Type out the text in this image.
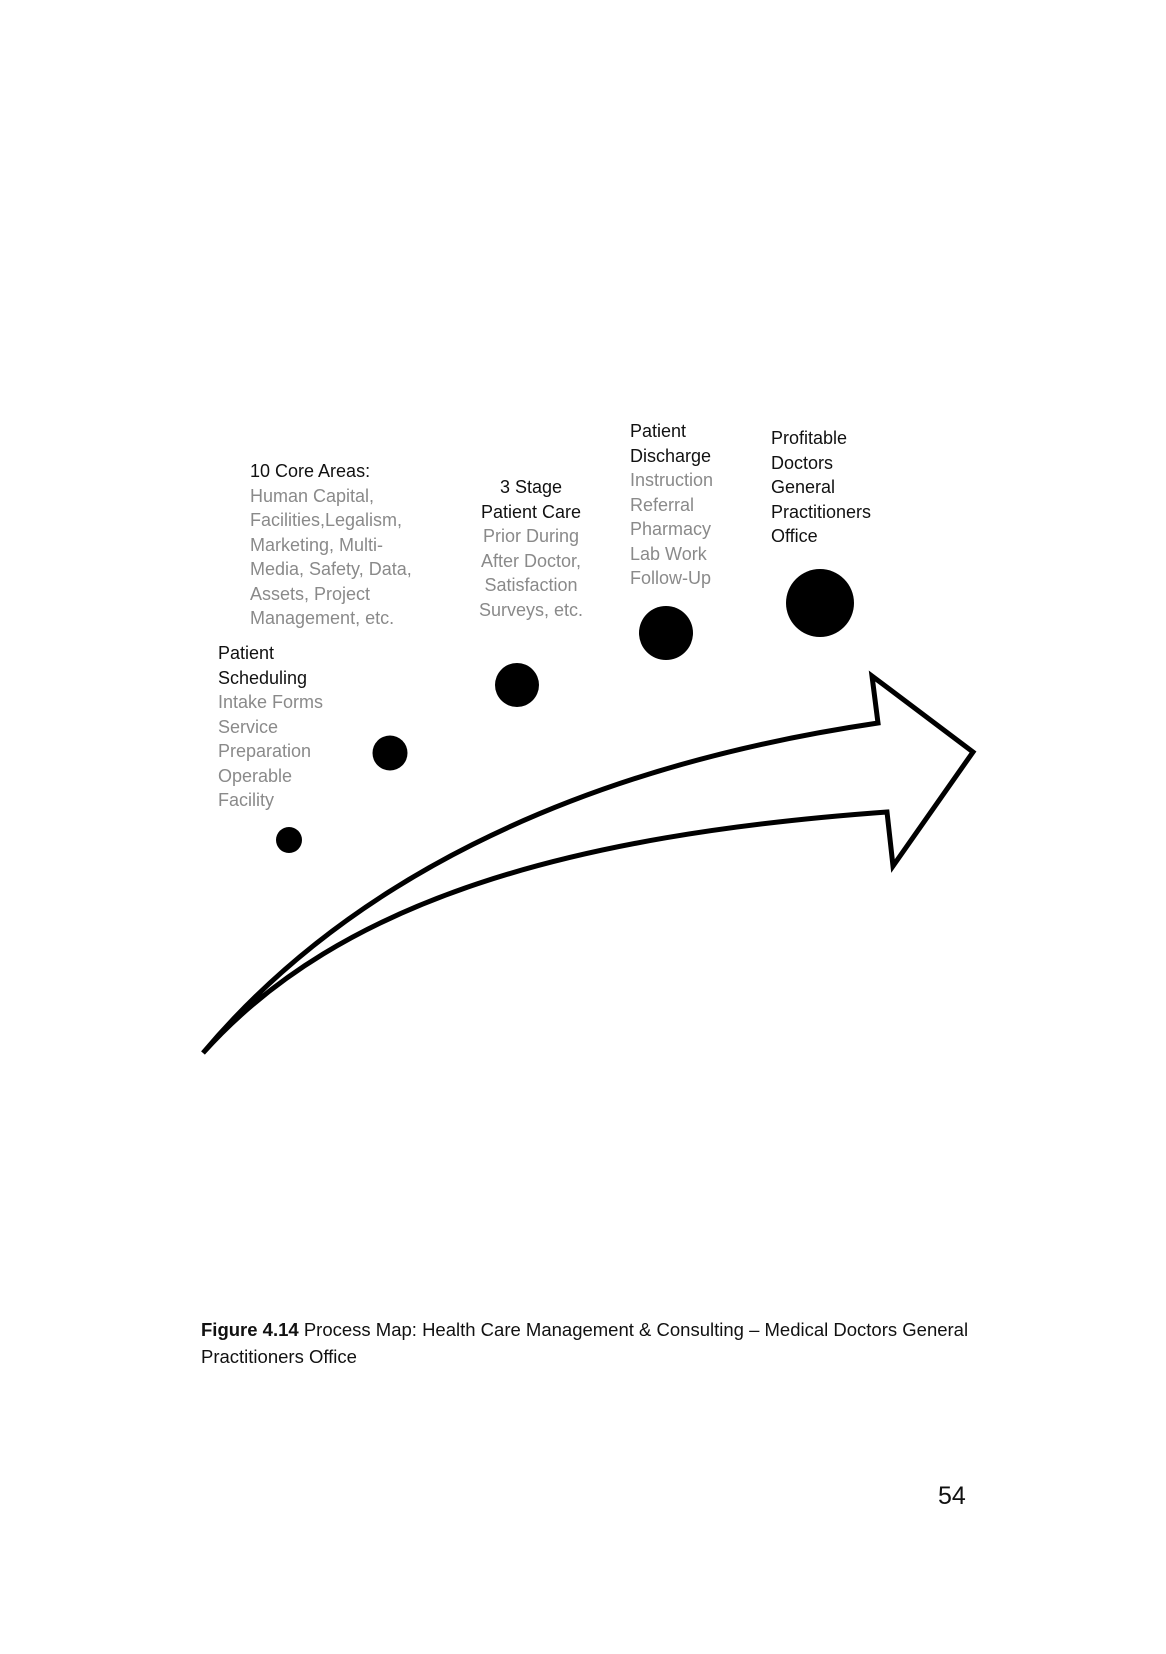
Patient
Scheduling
Intake Forms
Service
Preparation
Operable
Facility
10 Core Areas:
Human Capital,
Facilities,Legalism,
Marketing, Multi-
Media, Safety, Data,
Assets, Project
Management, etc.
3 Stage
Patient Care
Prior During
After Doctor,
Satisfaction
Surveys, etc.
Patient
Discharge
Instruction
Referral
Pharmacy
Lab Work
Follow-Up
Profitable
Doctors
General
Practitioners
Office
Figure 4.14 Process Map: Health Care Management & Consulting – Medical Doctors General Practitioners Office
54
